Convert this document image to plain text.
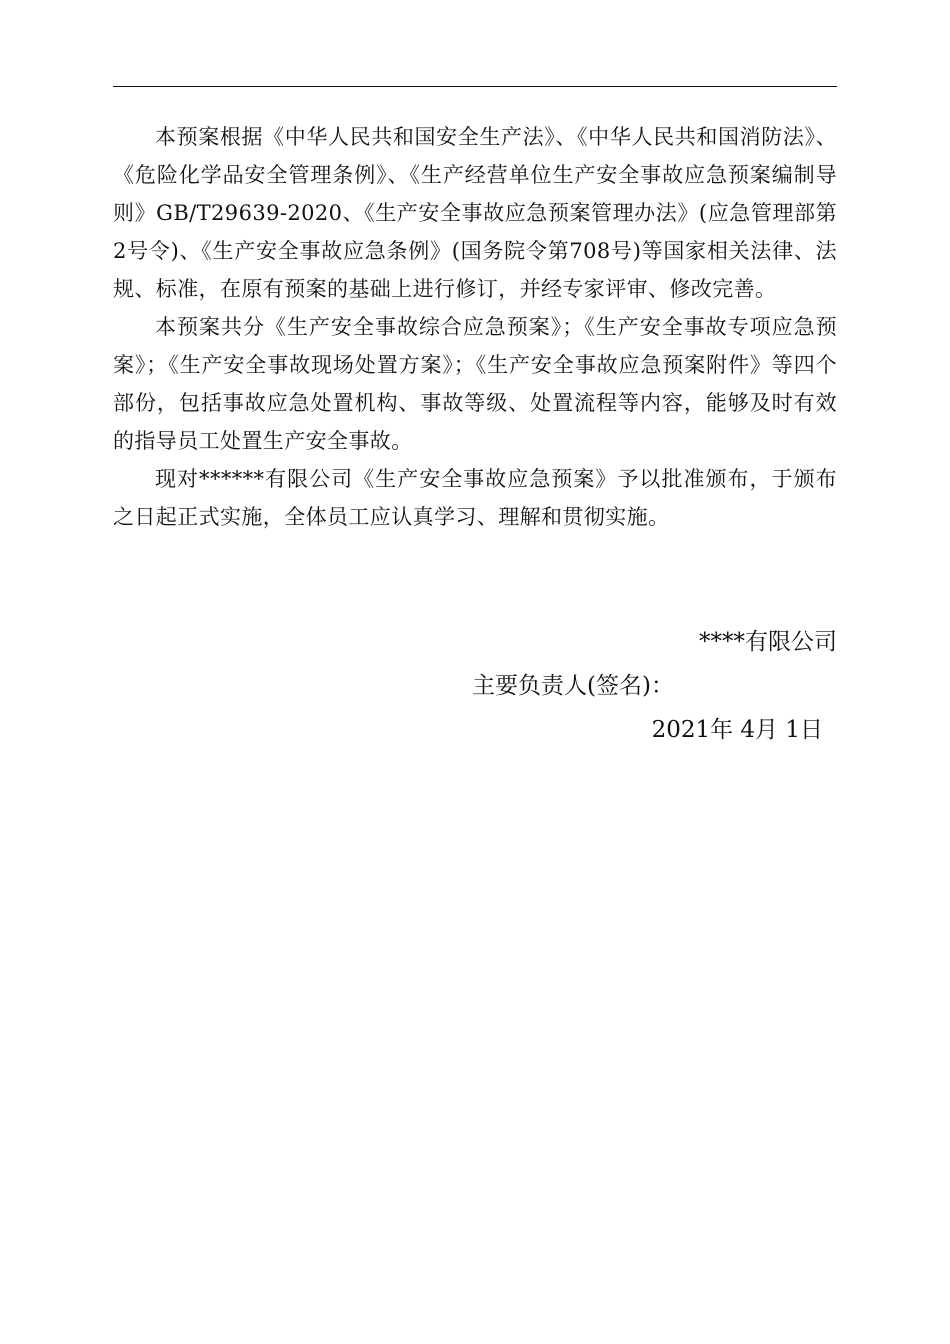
本预案根据《中华人民共和国安全生产法》、《中华人民共和国消防法》、《危险化学品安全管理条例》、《生产经营单位生产安全事故应急预案编制导则》GB/T29639-2020、《生产安全事故应急预案管理办法》(应急管理部第2号令)、《生产安全事故应急条例》(国务院令第708号)等国家相关法律、法规、标准，在原有预案的基础上进行修订，并经专家评审、修改完善。

本预案共分《生产安全事故综合应急预案》；《生产安全事故专项应急预案》；《生产安全事故现场处置方案》；《生产安全事故应急预案附件》等四个部份，包括事故应急处置机构、事故等级、处置流程等内容，能够及时有效的指导员工处置生产安全事故。

现对******有限公司《生产安全事故应急预案》予以批准颁布，于颁布之日起正式实施，全体员工应认真学习、理解和贯彻实施。

****有限公司
主要负责人(签名)：
2021年 4月 1日
